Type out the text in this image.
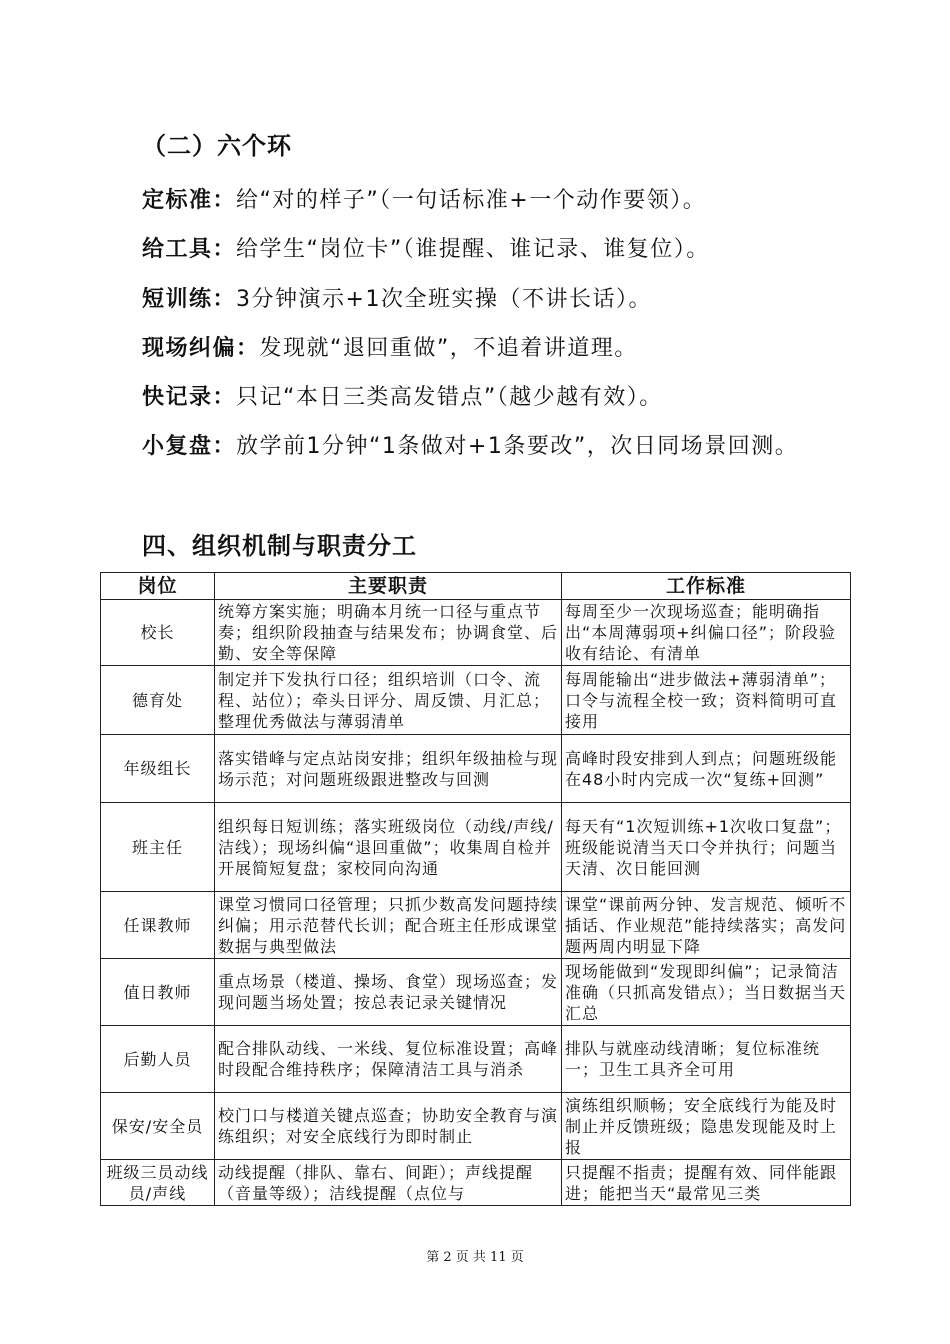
（二）六个环
定标准：给“对的样子”（一句话标准+一个动作要领）。
给工具：给学生“岗位卡”（谁提醒、谁记录、谁复位）。
短训练：3分钟演示+1次全班实操（不讲长话）。
现场纠偏：发现就“退回重做”，不追着讲道理。
快记录：只记“本日三类高发错点”（越少越有效）。
小复盘：放学前1分钟“1条做对+1条要改”，次日同场景回测。
四、组织机制与职责分工
岗位	主要职责	工作标准
校长	统筹方案实施；明确本月统一口径与重点节奏；组织阶段抽查与结果发布；协调食堂、后勤、安全等保障	每周至少一次现场巡查；能明确指出“本周薄弱项+纠偏口径”；阶段验收有结论、有清单
德育处	制定并下发执行口径；组织培训（口令、流程、站位）；牵头日评分、周反馈、月汇总；整理优秀做法与薄弱清单	每周能输出“进步做法+薄弱清单”；口令与流程全校一致；资料简明可直接用
年级组长	落实错峰与定点站岗安排；组织年级抽检与现场示范；对问题班级跟进整改与回测	高峰时段安排到人到点；问题班级能在48小时内完成一次“复练+回测”
班主任	组织每日短训练；落实班级岗位（动线/声线/洁线）；现场纠偏“退回重做”；收集周自检并开展简短复盘；家校同向沟通	每天有“1次短训练+1次收口复盘”；班级能说清当天口令并执行；问题当天清、次日能回测
任课教师	课堂习惯同口径管理；只抓少数高发问题持续纠偏；用示范替代长训；配合班主任形成课堂数据与典型做法	课堂“课前两分钟、发言规范、倾听不插话、作业规范”能持续落实；高发问题两周内明显下降
值日教师	重点场景（楼道、操场、食堂）现场巡查；发现问题当场处置；按总表记录关键情况	现场能做到“发现即纠偏”；记录简洁准确（只抓高发错点）；当日数据当天汇总
后勤人员	配合排队动线、一米线、复位标准设置；高峰时段配合维持秩序；保障清洁工具与消杀	排队与就座动线清晰；复位标准统一；卫生工具齐全可用
保安/安全员	校门口与楼道关键点巡查；协助安全教育与演练组织；对安全底线行为即时制止	演练组织顺畅；安全底线行为能及时制止并反馈班级；隐患发现能及时上报
班级三员动线员/声线	动线提醒（排队、靠右、间距）；声线提醒（音量等级）；洁线提醒（点位与	只提醒不指责；提醒有效、同伴能跟进；能把当天“最常见三类
第 2 页 共 11 页
